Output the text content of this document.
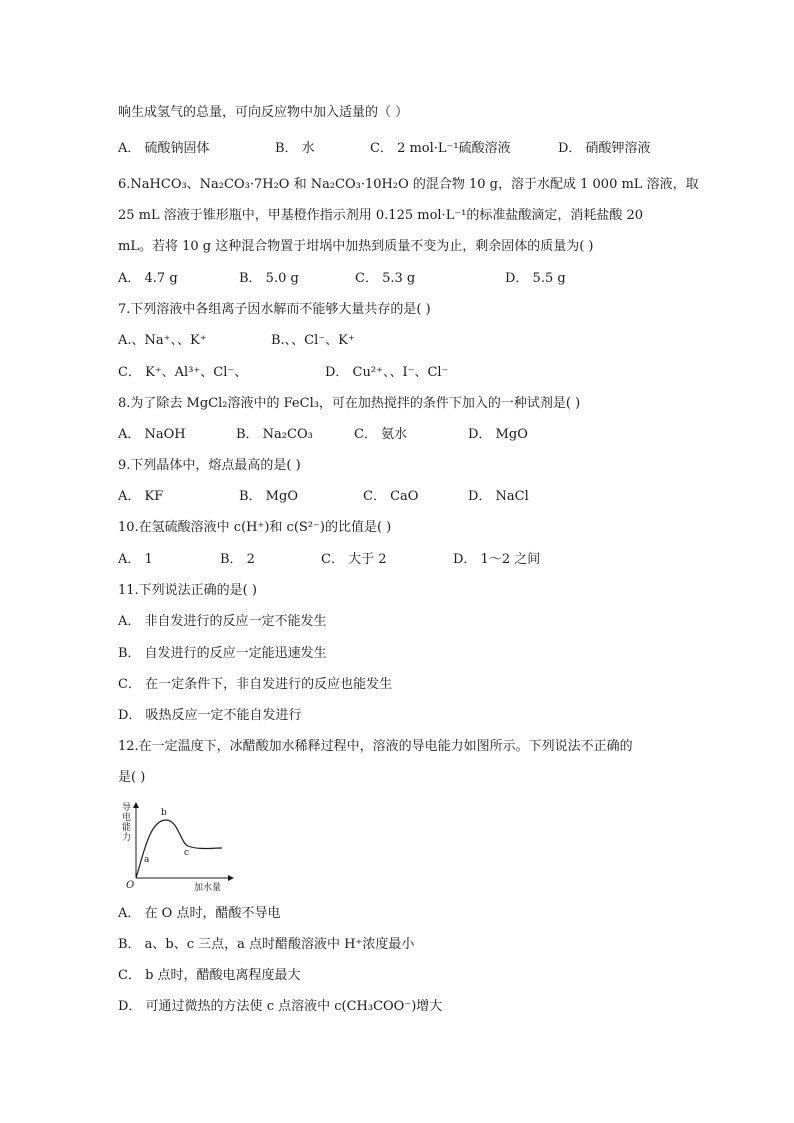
响生成氢气的总量，可向反应物中加入适量的（ ）
A． 硫酸钠固体	B． 水	C． 2 mol·L⁻¹硫酸溶液	D． 硝酸钾溶液
6.NaHCO₃、Na₂CO₃·7H₂O 和 Na₂CO₃·10H₂O 的混合物 10 g，溶于水配成 1 000 mL 溶液，取
25 mL 溶液于锥形瓶中，甲基橙作指示剂用 0.125 mol·L⁻¹的标准盐酸滴定，消耗盐酸 20
mL。若将 10 g 这种混合物置于坩埚中加热到质量不变为止，剩余固体的质量为( )
A． 4.7 g	B． 5.0 g	C． 5.3 g	D． 5.5 g
7.下列溶液中各组离子因水解而不能够大量共存的是( )
A.、Na⁺、、K⁺	B.、、Cl⁻、K⁺
C． K⁺、Al³⁺、Cl⁻、	D． Cu²⁺、、I⁻、Cl⁻
8.为了除去 MgCl₂溶液中的 FeCl₃，可在加热搅拌的条件下加入的一种试剂是( )
A． NaOH	B． Na₂CO₃	C． 氨水	D． MgO
9.下列晶体中，熔点最高的是( )
A． KF	B． MgO	C． CaO	D． NaCl
10.在氢硫酸溶液中 c(H⁺)和 c(S²⁻)的比值是( )
A． 1	B． 2	C． 大于 2	D． 1～2 之间
11.下列说法正确的是( )
A． 非自发进行的反应一定不能发生
B． 自发进行的反应一定能迅速发生
C． 在一定条件下，非自发进行的反应也能发生
D． 吸热反应一定不能自发进行
12.在一定温度下，冰醋酸加水稀释过程中，溶液的导电能力如图所示。下列说法不正确的
是( )
导
电
能
力
加水量
O
a
b
c
A． 在 O 点时，醋酸不导电
B． a、b、c 三点，a 点时醋酸溶液中 H⁺浓度最小
C． b 点时，醋酸电离程度最大
D． 可通过微热的方法使 c 点溶液中 c(CH₃COO⁻)增大
